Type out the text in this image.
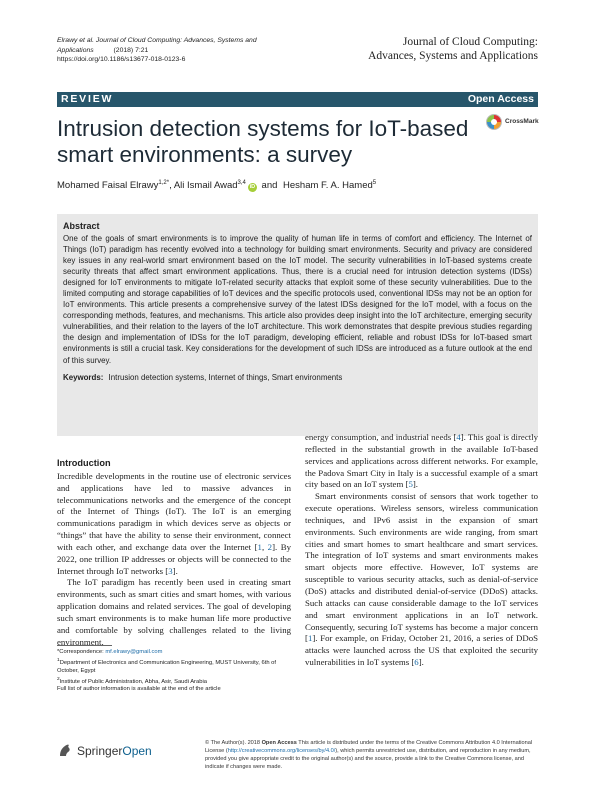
Elrawy et al. Journal of Cloud Computing: Advances, Systems and Applications	(2018) 7:21
https://doi.org/10.1186/s13677-018-0123-6
Journal of Cloud Computing:
Advances, Systems and Applications
REVIEW	Open Access
Intrusion detection systems for IoT-based smart environments: a survey
CrossMark
Mohamed Faisal Elrawy$^{1,2*}$, Ali Ismail Awad$^{3,4}$iD and Hesham F. A. Hamed$^5$
Abstract

One of the goals of smart environments is to improve the quality of human life in terms of comfort and efficiency. The Internet of Things (IoT) paradigm has recently evolved into a technology for building smart environments. Security and privacy are considered key issues in any real-world smart environment based on the IoT model. The security vulnerabilities in IoT-based systems create security threats that affect smart environment applications. Thus, there is a crucial need for intrusion detection systems (IDSs) designed for IoT environments to mitigate IoT-related security attacks that exploit some of these security vulnerabilities. Due to the limited computing and storage capabilities of IoT devices and the specific protocols used, conventional IDSs may not be an option for IoT environments. This article presents a comprehensive survey of the latest IDSs designed for the IoT model, with a focus on the corresponding methods, features, and mechanisms. This article also provides deep insight into the IoT architecture, emerging security vulnerabilities, and their relation to the layers of the IoT architecture. This work demonstrates that despite previous studies regarding the design and implementation of IDSs for the IoT paradigm, developing efficient, reliable and robust IDSs for IoT-based smart environments is still a crucial task. Key considerations for the development of such IDSs are introduced as a future outlook at the end of this survey.

Keywords: Intrusion detection systems, Internet of things, Smart environments
Introduction

Incredible developments in the routine use of electronic services and applications have led to massive advances in telecommunications networks and the emergence of the concept of the Internet of Things (IoT). The IoT is an emerging communications paradigm in which devices serve as objects or “things” that have the ability to sense their environment, connect with each other, and exchange data over the Internet [1, 2]. By 2022, one trillion IP addresses or objects will be connected to the Internet through IoT networks [3].

The IoT paradigm has recently been used in creating smart environments, such as smart cities and smart homes, with various application domains and related services. The goal of developing such smart environments is to make human life more productive and comfortable by solving challenges related to the living environment,

energy consumption, and industrial needs [4]. This goal is directly reflected in the substantial growth in the available IoT-based services and applications across different networks. For example, the Padova Smart City in Italy is a successful example of a smart city based on an IoT system [5].

Smart environments consist of sensors that work together to execute operations. Wireless sensors, wireless communication techniques, and IPv6 assist in the expansion of smart environments. Such environments are wide ranging, from smart cities and smart homes to smart healthcare and smart services. The integration of IoT systems and smart environments makes smart objects more effective. However, IoT systems are susceptible to various security attacks, such as denial-of-service (DoS) attacks and distributed denial-of-service (DDoS) attacks. Such attacks can cause considerable damage to the IoT services and smart environment applications in an IoT network. Consequently, securing IoT systems has become a major concern [1]. For example, on Friday, October 21, 2016, a series of DDoS attacks were launched across the US that exploited the security vulnerabilities in IoT systems [6].

*Correspondence: mf.elrawy@gmail.com
$^1$Department of Electronics and Communication Engineering, MUST University, 6th of October, Egypt
$^2$Institute of Public Administration, Abha, Asir, Saudi Arabia
Full list of author information is available at the end of the article
SpringerOpen
© The Author(s). 2018 Open Access This article is distributed under the terms of the Creative Commons Attribution 4.0 International License (http://creativecommons.org/licenses/by/4.0/), which permits unrestricted use, distribution, and reproduction in any medium, provided you give appropriate credit to the original author(s) and the source, provide a link to the Creative Commons license, and indicate if changes were made.
